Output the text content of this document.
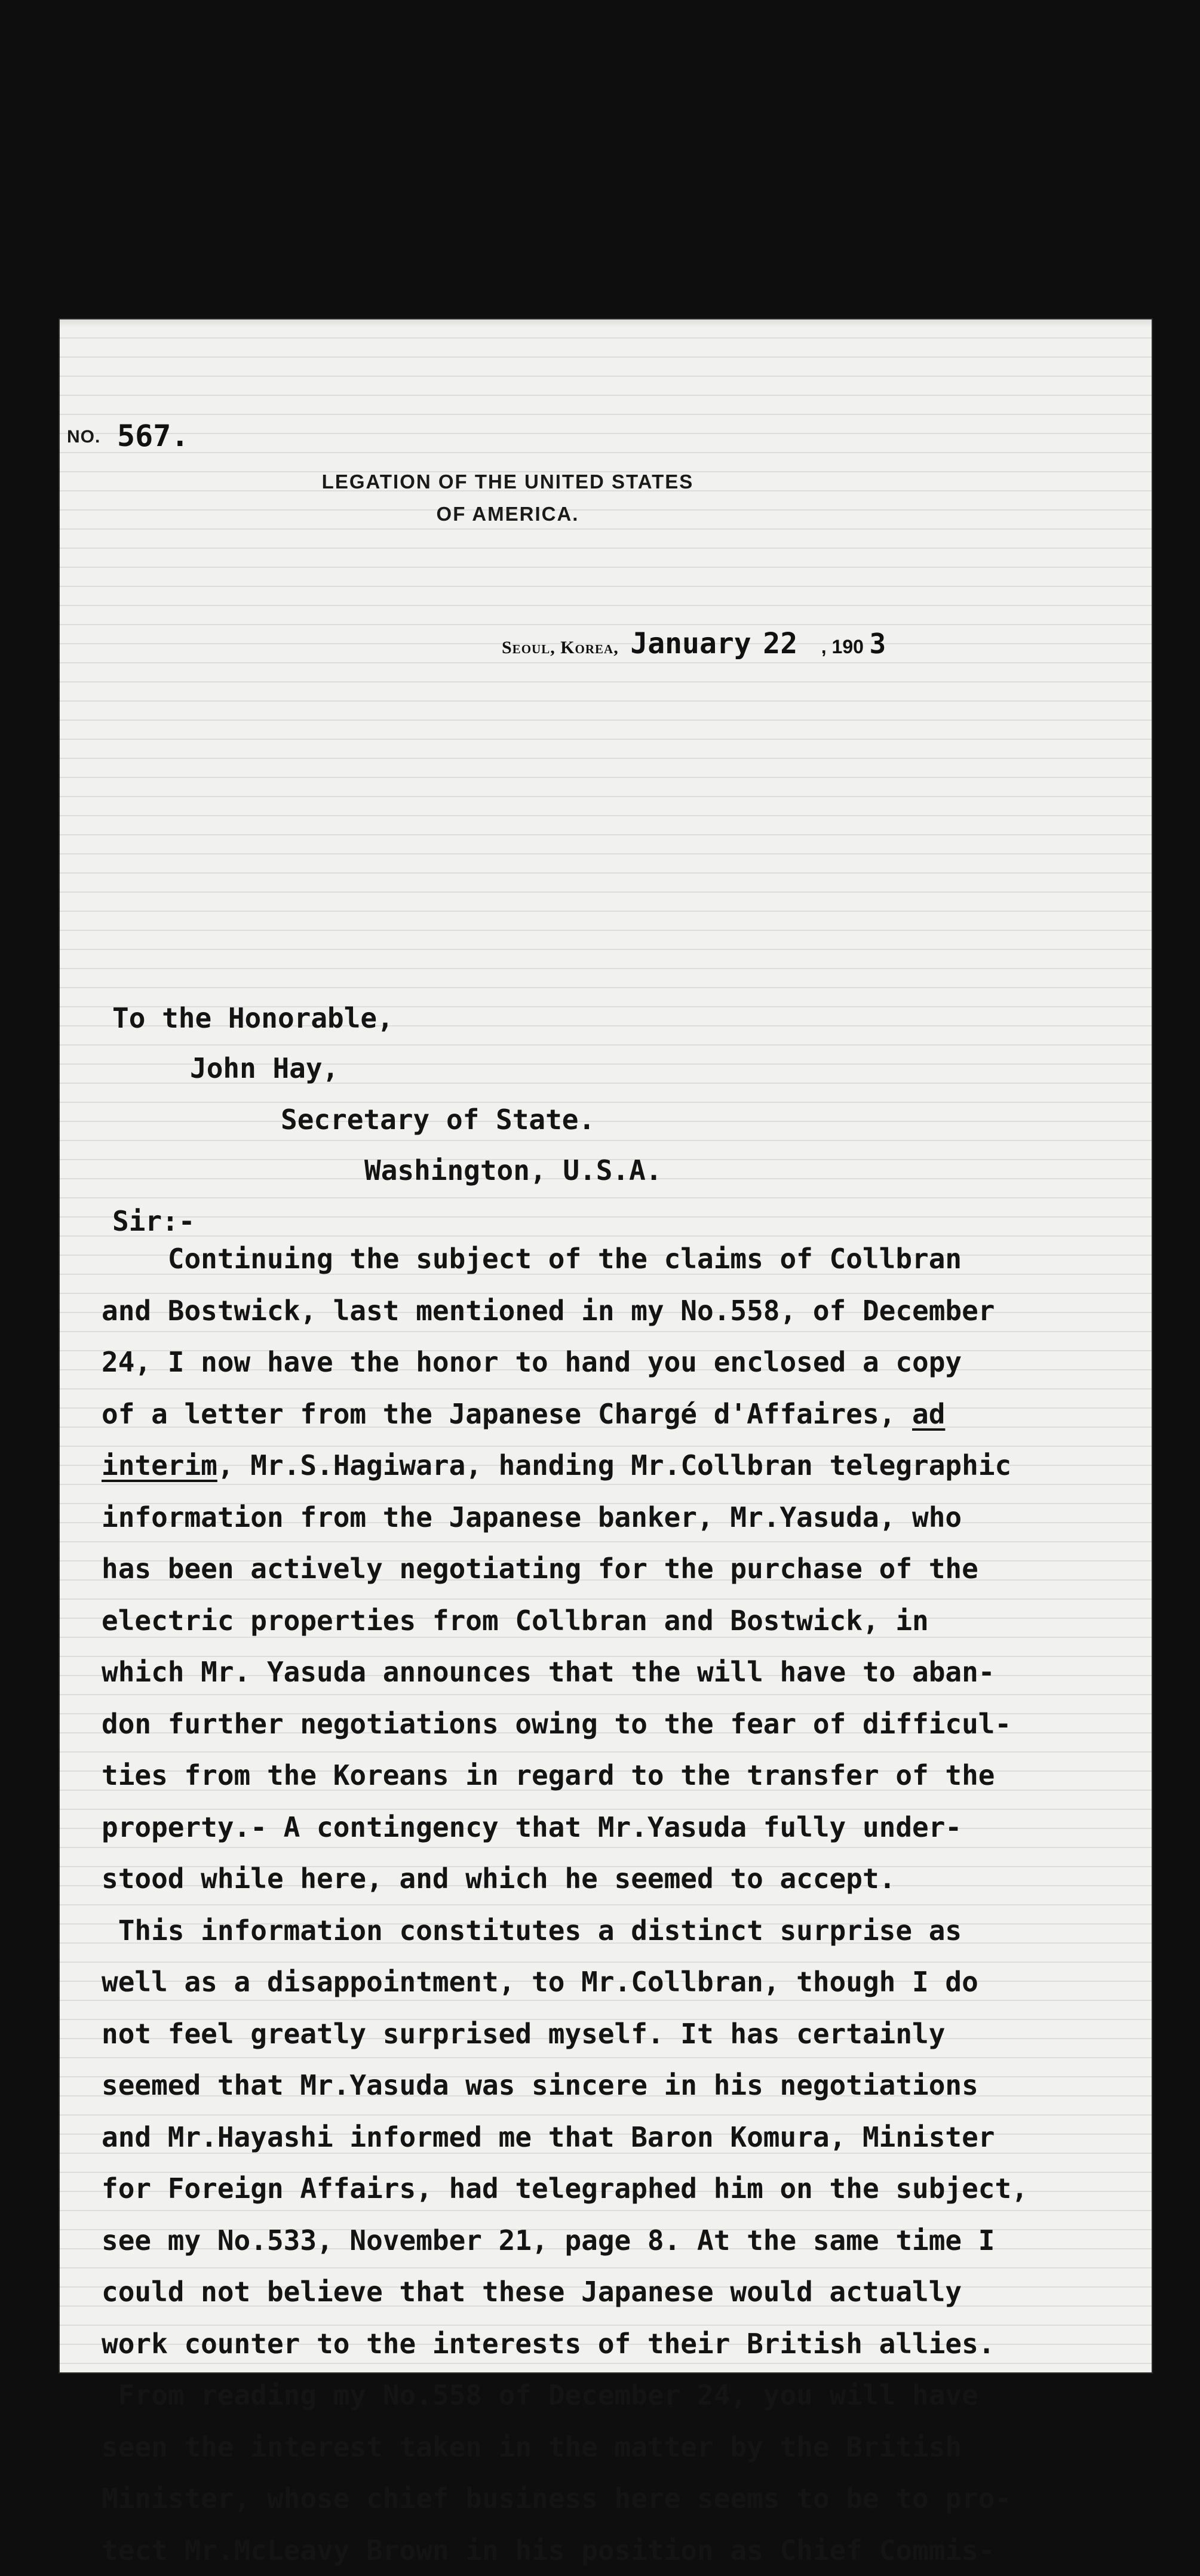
NO. 567.
LEGATION OF THE UNITED STATES
OF AMERICA.
Seoul, Korea, January 22 , 190 3
To the Honorable,
John Hay,
Secretary of State.
Washington, U.S.A.
Sir:-
Continuing the subject of the claims of Collbran
and Bostwick, last mentioned in my No.558, of December
24, I now have the honor to hand you enclosed a copy
of a letter from the Japanese Chargé d'Affaires, ad
interim, Mr.S.Hagiwara, handing Mr.Collbran telegraphic
information from the Japanese banker, Mr.Yasuda, who
has been actively negotiating for the purchase of the
electric properties from Collbran and Bostwick, in
which Mr. Yasuda announces that the will have to aban-
don further negotiations owing to the fear of difficul-
ties from the Koreans in regard to the transfer of the
property.- A contingency that Mr.Yasuda fully under-
stood while here, and which he seemed to accept.
This information constitutes a distinct surprise as
well as a disappointment, to Mr.Collbran, though I do
not feel greatly surprised myself. It has certainly
seemed that Mr.Yasuda was sincere in his negotiations
and Mr.Hayashi informed me that Baron Komura, Minister
for Foreign Affairs, had telegraphed him on the subject,
see my No.533, November 21, page 8. At the same time I
could not believe that these Japanese would actually
work counter to the interests of their British allies.
From reading my No.558 of December 24, you will have
seen the interest taken in the matter by the British
Minister, whose chief business here seems to be to pro-
tect Mr.McLeavy Brown in his position as Chief Commis-
